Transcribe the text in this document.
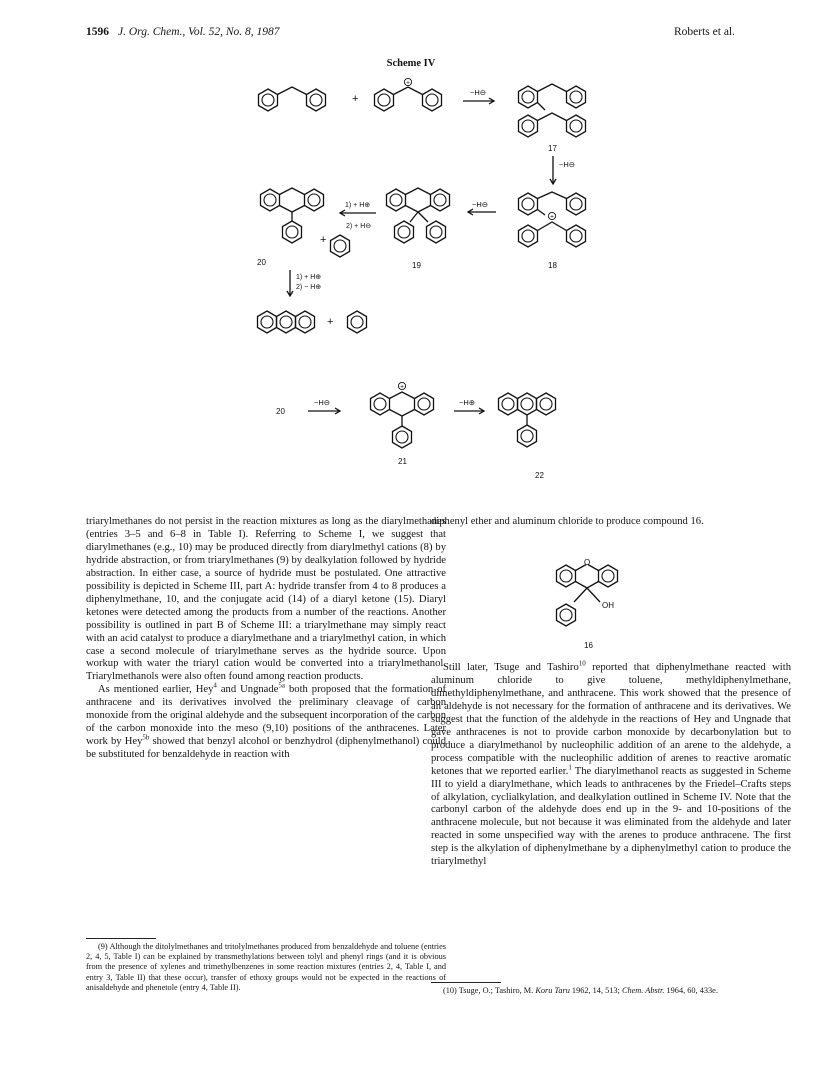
1596 J. Org. Chem., Vol. 52, No. 8, 1987	Roberts et al.
Scheme IV
+
+
−H⊖
17
−H⊖
+
18
−H⊖
19
1) + H⊕
2) + H⊖
+
20
1) + H⊕
2) − H⊕
+
20
−H⊖
+
21
−H⊕
22
O
OH
16

triarylmethanes do not persist in the reaction mixtures as long as the diarylmethanes (entries 3–5 and 6–8 in Table I). Referring to Scheme I, we suggest that diarylmethanes (e.g., 10) may be produced directly from diarylmethyl cations (8) by hydride abstraction, or from triarylmethanes (9) by dealkylation followed by hydride abstraction. In either case, a source of hydride must be postulated. One attractive possibility is depicted in Scheme III, part A: hydride transfer from 4 to 8 produces a diphenylmethane, 10, and the conjugate acid (14) of a diaryl ketone (15). Diaryl ketones were detected among the products from a number of the reactions. Another possibility is outlined in part B of Scheme III: a triarylmethane may simply react with an acid catalyst to produce a diarylmethane and a triarylmethyl cation, in which case a second molecule of triarylmethane serves as the hydride source. Upon workup with water the triaryl cation would be converted into a triarylmethanol. Triarylmethanols were also often found among reaction products.

As mentioned earlier, Hey$^4$ and Ungnade$^{5a}$ both proposed that the formation of anthracene and its derivatives involved the preliminary cleavage of carbon monoxide from the original aldehyde and the subsequent incorporation of the carbon of the carbon monoxide into the meso (9,10) positions of the anthracenes. Later work by Hey$^{5b}$ showed that benzyl alcohol or benzhydrol (diphenylmethanol) could be substituted for benzaldehyde in reaction with

diphenyl ether and aluminum chloride to produce compound 16.

Still later, Tsuge and Tashiro$^{10}$ reported that diphenylmethane reacted with aluminum chloride to give toluene, methyldiphenylmethane, dimethyldiphenylmethane, and anthracene. This work showed that the presence of an aldehyde is not necessary for the formation of anthracene and its derivatives. We suggest that the function of the aldehyde in the reactions of Hey and Ungnade that gave anthracenes is not to provide carbon monoxide by decarbonylation but to produce a diarylmethanol by nucleophilic addition of an arene to the aldehyde, a process compatible with the nucleophilic addition of arenes to reactive aromatic ketones that we reported earlier.$^1$ The diarylmethanol reacts as suggested in Scheme III to yield a diarylmethane, which leads to anthracenes by the Friedel–Crafts steps of alkylation, cyclialkylation, and dealkylation outlined in Scheme IV. Note that the carbonyl carbon of the aldehyde does end up in the 9- and 10-positions of the anthracene molecule, but not because it was eliminated from the aldehyde and later reacted in some unspecified way with the arenes to produce anthracene. The first step is the alkylation of diphenylmethane by a diphenylmethyl cation to produce the triarylmethyl

(9) Although the ditolylmethanes and tritolylmethanes produced from benzaldehyde and toluene (entries 2, 4, 5, Table I) can be explained by transmethylations between tolyl and phenyl rings (and it is obvious from the presence of xylenes and trimethylbenzenes in some reaction mixtures (entries 2, 4, Table I, and entry 3, Table II) that these occur), transfer of ethoxy groups would not be expected in the reactions of anisaldehyde and phenetole (entry 4, Table II).	(10) Tsuge, O.; Tashiro, M. Koru Taru 1962, 14, 513; Chem. Abstr. 1964, 60, 433e.
